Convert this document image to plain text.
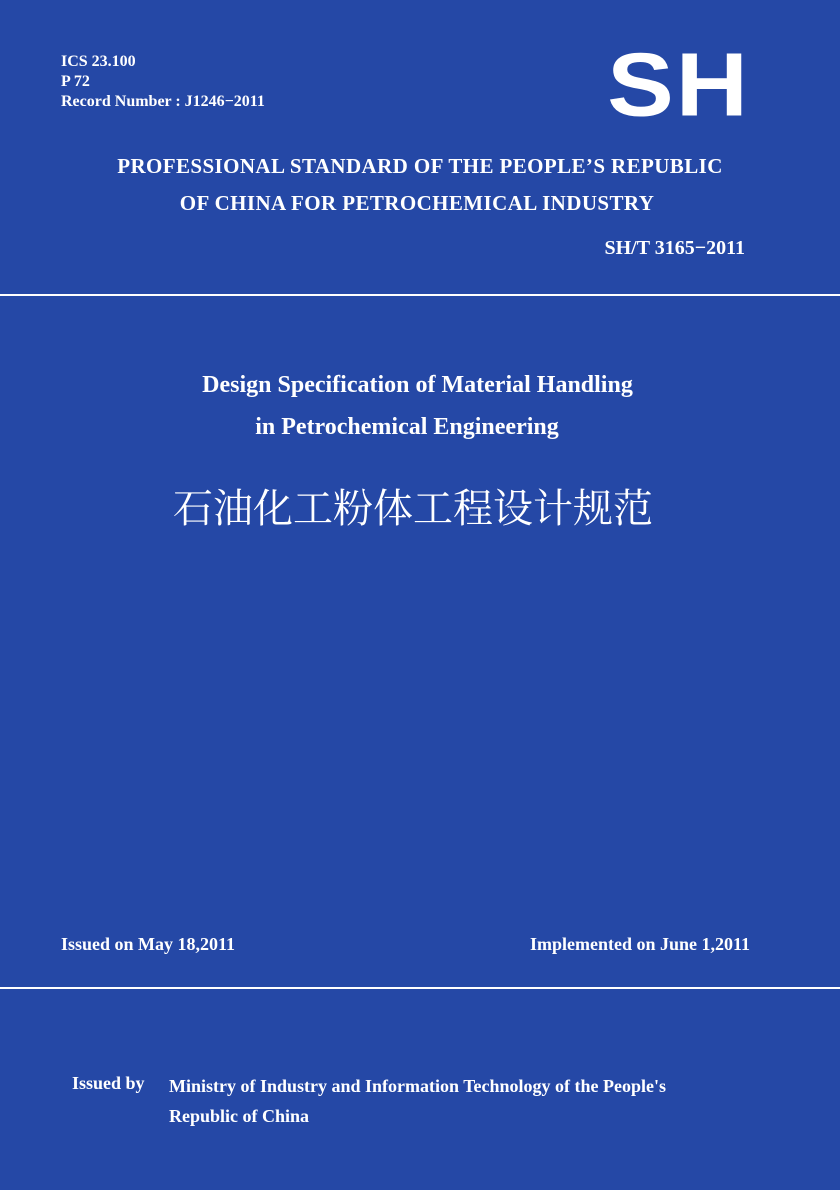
ICS 23.100
P 72
Record Number : J1246−2011	SH
PROFESSIONAL STANDARD OF THE PEOPLE’S REPUBLIC
OF CHINA FOR PETROCHEMICAL INDUSTRY
SH/T 3165−2011
Design Specification of Material Handling
in Petrochemical Engineering
石油化工粉体工程设计规范
Issued on May 18,2011	Implemented on June 1,2011
Issued by Ministry of Industry and Information Technology of the People's
Republic of China
